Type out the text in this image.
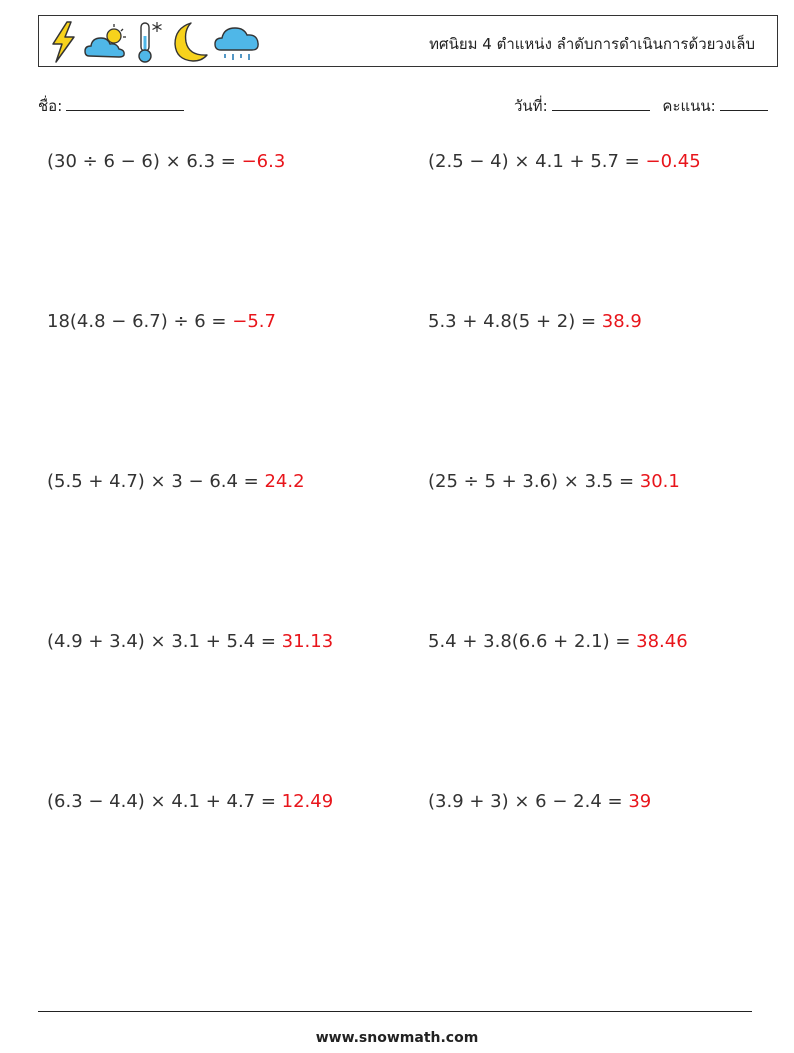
ทศนิยม 4 ตำแหน่ง ลำดับการดำเนินการด้วยวงเล็บ
ชื่อ:	วันที่:	คะแนน:
(30 ÷ 6 − 6) × 6.3 = −6.3	(2.5 − 4) × 4.1 + 5.7 = −0.45
18(4.8 − 6.7) ÷ 6 = −5.7	5.3 + 4.8(5 + 2) = 38.9
(5.5 + 4.7) × 3 − 6.4 = 24.2	(25 ÷ 5 + 3.6) × 3.5 = 30.1
(4.9 + 3.4) × 3.1 + 5.4 = 31.13	5.4 + 3.8(6.6 + 2.1) = 38.46
(6.3 − 4.4) × 4.1 + 4.7 = 12.49	(3.9 + 3) × 6 − 2.4 = 39
www.snowmath.com
